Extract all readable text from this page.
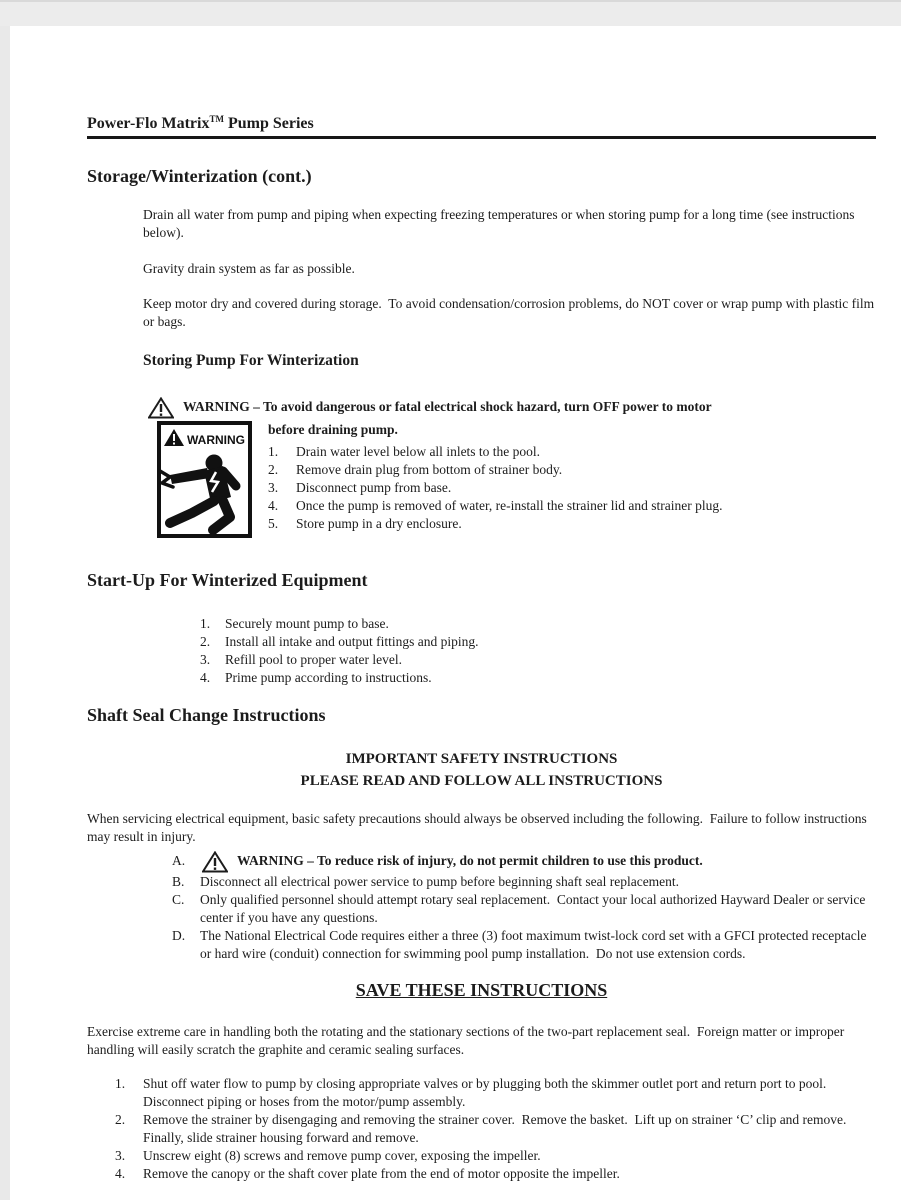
Power-Flo Matrix™ Pump Series
Storage/Winterization (cont.)

Drain all water from pump and piping when expecting freezing temperatures or when storing pump for a long time (see instructions below).

Gravity drain system as far as possible.

Keep motor dry and covered during storage.  To avoid condensation/corrosion problems, do NOT cover or wrap pump with plastic film or bags.

Storing Pump For Winterization
WARNING – To avoid dangerous or fatal electrical shock hazard, turn OFF power to motor
WARNING

before draining pump.

1.	Drain water level below all inlets to the pool.
2.	Remove drain plug from bottom of strainer body.
3.	Disconnect pump from base.
4.	Once the pump is removed of water, re-install the strainer lid and strainer plug.
5.	Store pump in a dry enclosure.
Start-Up For Winterized Equipment
1.	Securely mount pump to base.
2.	Install all intake and output fittings and piping.
3.	Refill pool to proper water level.
4.	Prime pump according to instructions.
Shaft Seal Change Instructions

IMPORTANT SAFETY INSTRUCTIONS

PLEASE READ AND FOLLOW ALL INSTRUCTIONS

When servicing electrical equipment, basic safety precautions should always be observed including the following.  Failure to follow instructions may result in injury.

A.	WARNING – To reduce risk of injury, do not permit children to use this product.
B.	Disconnect all electrical power service to pump before beginning shaft seal replacement.
C.	Only qualified personnel should attempt rotary seal replacement.  Contact your local authorized Hayward Dealer or service center if you have any questions.
D.	The National Electrical Code requires either a three (3) foot maximum twist-lock cord set with a GFCI protected receptacle or hard wire (conduit) connection for swimming pool pump installation.  Do not use extension cords.

SAVE THESE INSTRUCTIONS

Exercise extreme care in handling both the rotating and the stationary sections of the two-part replacement seal.  Foreign matter or improper handling will easily scratch the graphite and ceramic sealing surfaces.

1.	Shut off water flow to pump by closing appropriate valves or by plugging both the skimmer outlet port and return port to pool.  Disconnect piping or hoses from the motor/pump assembly.
2.	Remove the strainer by disengaging and removing the strainer cover.  Remove the basket.  Lift up on strainer ‘C’ clip and remove.  Finally, slide strainer housing forward and remove.
3.	Unscrew eight (8) screws and remove pump cover, exposing the impeller.
4.	Remove the canopy or the shaft cover plate from the end of motor opposite the impeller.
